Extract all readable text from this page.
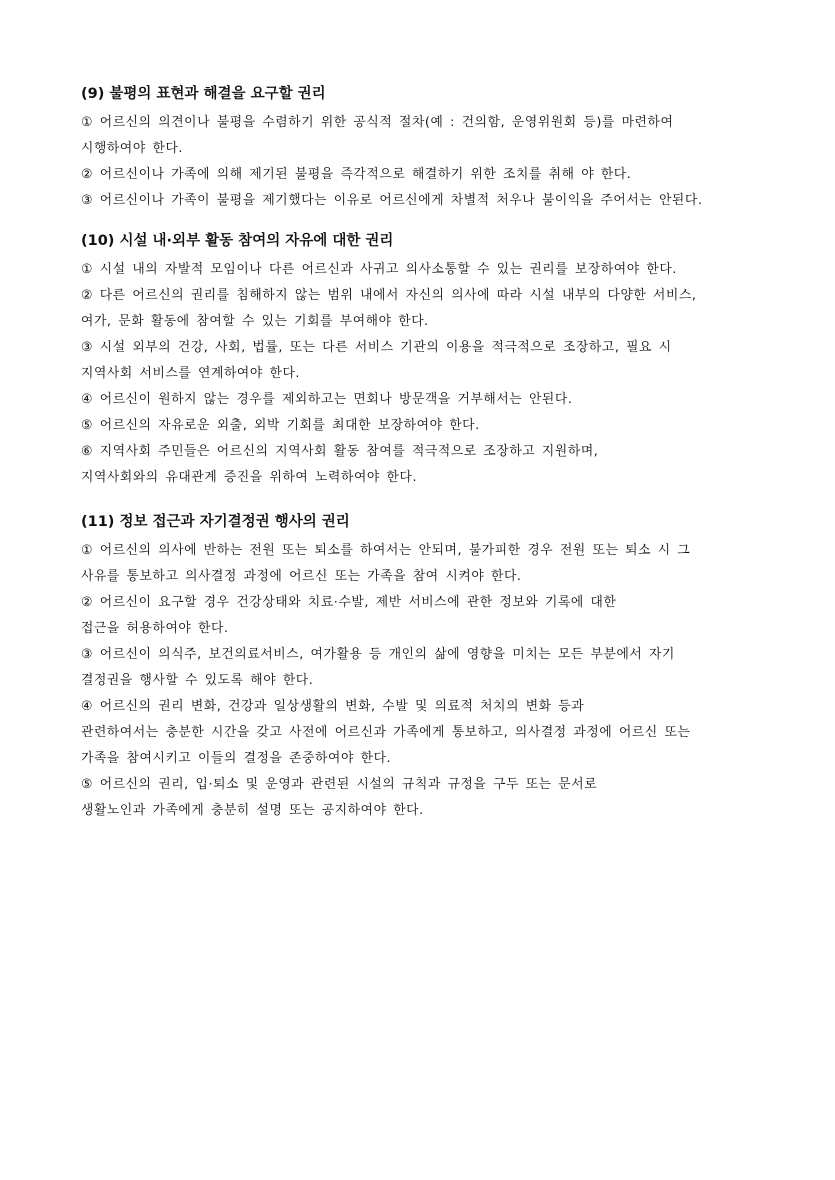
(9) 불평의 표현과 해결을 요구할 권리

① 어르신의 의견이나 불평을 수렴하기 위한 공식적 절차(예 : 건의함, 운영위원회 등)를 마련하여
시행하여야 한다.

② 어르신이나 가족에 의해 제기된 불평을 즉각적으로 해결하기 위한 조치를 취해 야 한다.

③ 어르신이나 가족이 불평을 제기했다는 이유로 어르신에게 차별적 처우나 불이익을 주어서는 안된다.

(10) 시설 내·외부 활동 참여의 자유에 대한 권리

① 시설 내의 자발적 모임이나 다른 어르신과 사귀고 의사소통할 수 있는 권리를 보장하여야 한다.

② 다른 어르신의 권리를 침해하지 않는 범위 내에서 자신의 의사에 따라 시설 내부의 다양한 서비스,
여가, 문화 활동에 참여할 수 있는 기회를 부여해야 한다.

③ 시설 외부의 건강, 사회, 법률, 또는 다른 서비스 기관의 이용을 적극적으로 조장하고, 필요 시
지역사회 서비스를 연계하여야 한다.

④ 어르신이 원하지 않는 경우를 제외하고는 면회나 방문객을 거부해서는 안된다.

⑤ 어르신의 자유로운 외출, 외박 기회를 최대한 보장하여야 한다.

⑥ 지역사회 주민들은 어르신의 지역사회 활동 참여를 적극적으로 조장하고 지원하며,
지역사회와의 유대관계 증진을 위하여 노력하여야 한다.

(11) 정보 접근과 자기결정권 행사의 권리

① 어르신의 의사에 반하는 전원 또는 퇴소를 하여서는 안되며, 불가피한 경우 전원 또는 퇴소 시 그
사유를 통보하고 의사결정 과정에 어르신 또는 가족을 참여 시켜야 한다.

② 어르신이 요구할 경우 건강상태와 치료·수발, 제반 서비스에 관한 정보와 기록에 대한
접근을 허용하여야 한다.

③ 어르신이 의식주, 보건의료서비스, 여가활용 등 개인의 삶에 영향을 미치는 모든 부분에서 자기
결정권을 행사할 수 있도록 해야 한다.

④ 어르신의 권리 변화, 건강과 일상생활의 변화, 수발 및 의료적 처치의 변화 등과
관련하여서는 충분한 시간을 갖고 사전에 어르신과 가족에게 통보하고, 의사결정 과정에 어르신 또는
가족을 참여시키고 이들의 결정을 존중하여야 한다.

⑤ 어르신의 권리, 입·퇴소 및 운영과 관련된 시설의 규칙과 규정을 구두 또는 문서로
생활노인과 가족에게 충분히 설명 또는 공지하여야 한다.
